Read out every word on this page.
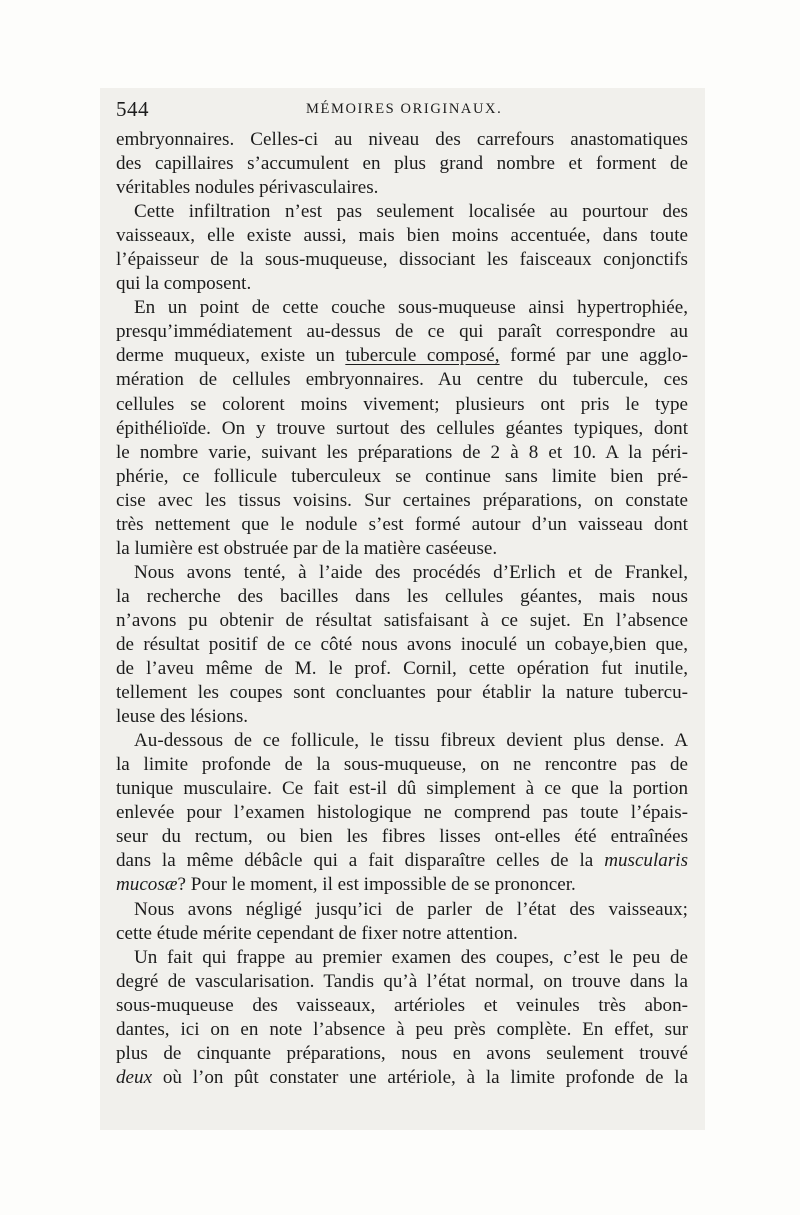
544	MÉMOIRES ORIGINAUX.
embryonnaires. Celles-ci au niveau des carrefours anastomatiques
des capillaires s’accumulent en plus grand nombre et forment de
véritables nodules périvasculaires.
Cette infiltration n’est pas seulement localisée au pourtour des
vaisseaux, elle existe aussi, mais bien moins accentuée, dans toute
l’épaisseur de la sous-muqueuse, dissociant les faisceaux conjonctifs
qui la composent.
En un point de cette couche sous-muqueuse ainsi hypertrophiée,
presqu’immédiatement au-dessus de ce qui paraît correspondre au
derme muqueux, existe un tubercule composé, formé par une agglo-
mération de cellules embryonnaires. Au centre du tubercule, ces
cellules se colorent moins vivement; plusieurs ont pris le type
épithélioïde. On y trouve surtout des cellules géantes typiques, dont
le nombre varie, suivant les préparations de 2 à 8 et 10. A la péri-
phérie, ce follicule tuberculeux se continue sans limite bien pré-
cise avec les tissus voisins. Sur certaines préparations, on constate
très nettement que le nodule s’est formé autour d’un vaisseau dont
la lumière est obstruée par de la matière caséeuse.
Nous avons tenté, à l’aide des procédés d’Erlich et de Frankel,
la recherche des bacilles dans les cellules géantes, mais nous
n’avons pu obtenir de résultat satisfaisant à ce sujet. En l’absence
de résultat positif de ce côté nous avons inoculé un cobaye,bien que,
de l’aveu même de M. le prof. Cornil, cette opération fut inutile,
tellement les coupes sont concluantes pour établir la nature tubercu-
leuse des lésions.
Au-dessous de ce follicule, le tissu fibreux devient plus dense. A
la limite profonde de la sous-muqueuse, on ne rencontre pas de
tunique musculaire. Ce fait est-il dû simplement à ce que la portion
enlevée pour l’examen histologique ne comprend pas toute l’épais-
seur du rectum, ou bien les fibres lisses ont-elles été entraînées
dans la même débâcle qui a fait disparaître celles de la muscularis
mucosæ? Pour le moment, il est impossible de se prononcer.
Nous avons négligé jusqu’ici de parler de l’état des vaisseaux;
cette étude mérite cependant de fixer notre attention.
Un fait qui frappe au premier examen des coupes, c’est le peu de
degré de vascularisation. Tandis qu’à l’état normal, on trouve dans la
sous-muqueuse des vaisseaux, artérioles et veinules très abon-
dantes, ici on en note l’absence à peu près complète. En effet, sur
plus de cinquante préparations, nous en avons seulement trouvé
deux où l’on pût constater une artériole, à la limite profonde de la
